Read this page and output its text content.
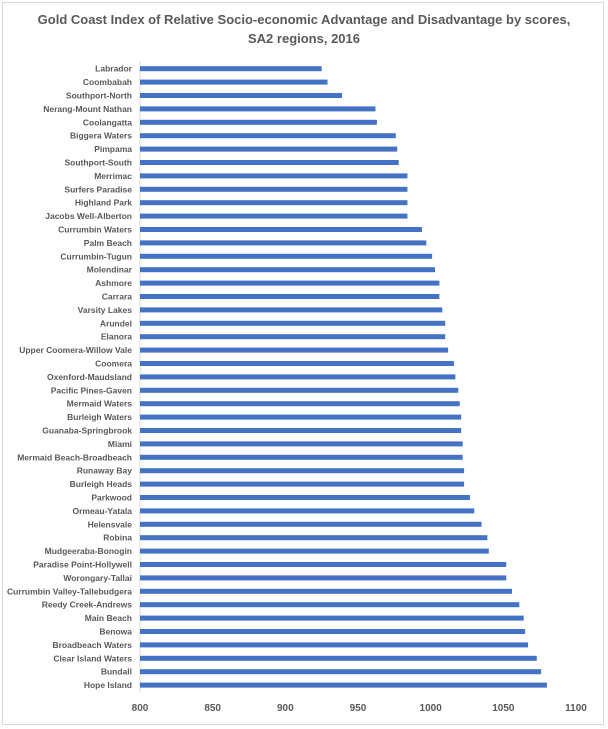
Gold Coast Index of Relative Socio-economic Advantage and Disadvantage by scores,
SA2 regions, 2016
Labrador
Coombabah
Southport-North
Nerang-Mount Nathan
Coolangatta
Biggera Waters
Pimpama
Southport-South
Merrimac
Surfers Paradise
Highland Park
Jacobs Well-Alberton
Currumbin Waters
Palm Beach
Currumbin-Tugun
Molendinar
Ashmore
Carrara
Varsity Lakes
Arundel
Elanora
Upper Coomera-Willow Vale
Coomera
Oxenford-Maudsland
Pacific Pines-Gaven
Mermaid Waters
Burleigh Waters
Guanaba-Springbrook
Miami
Mermaid Beach-Broadbeach
Runaway Bay
Burleigh Heads
Parkwood
Ormeau-Yatala
Helensvale
Robina
Mudgeeraba-Bonogin
Paradise Point-Hollywell
Worongary-Tallai
Currumbin Valley-Tallebudgera
Reedy Creek-Andrews
Main Beach
Benowa
Broadbeach Waters
Clear Island Waters
Bundall
Hope Island
800	850	900	950	1000	1050	1100
